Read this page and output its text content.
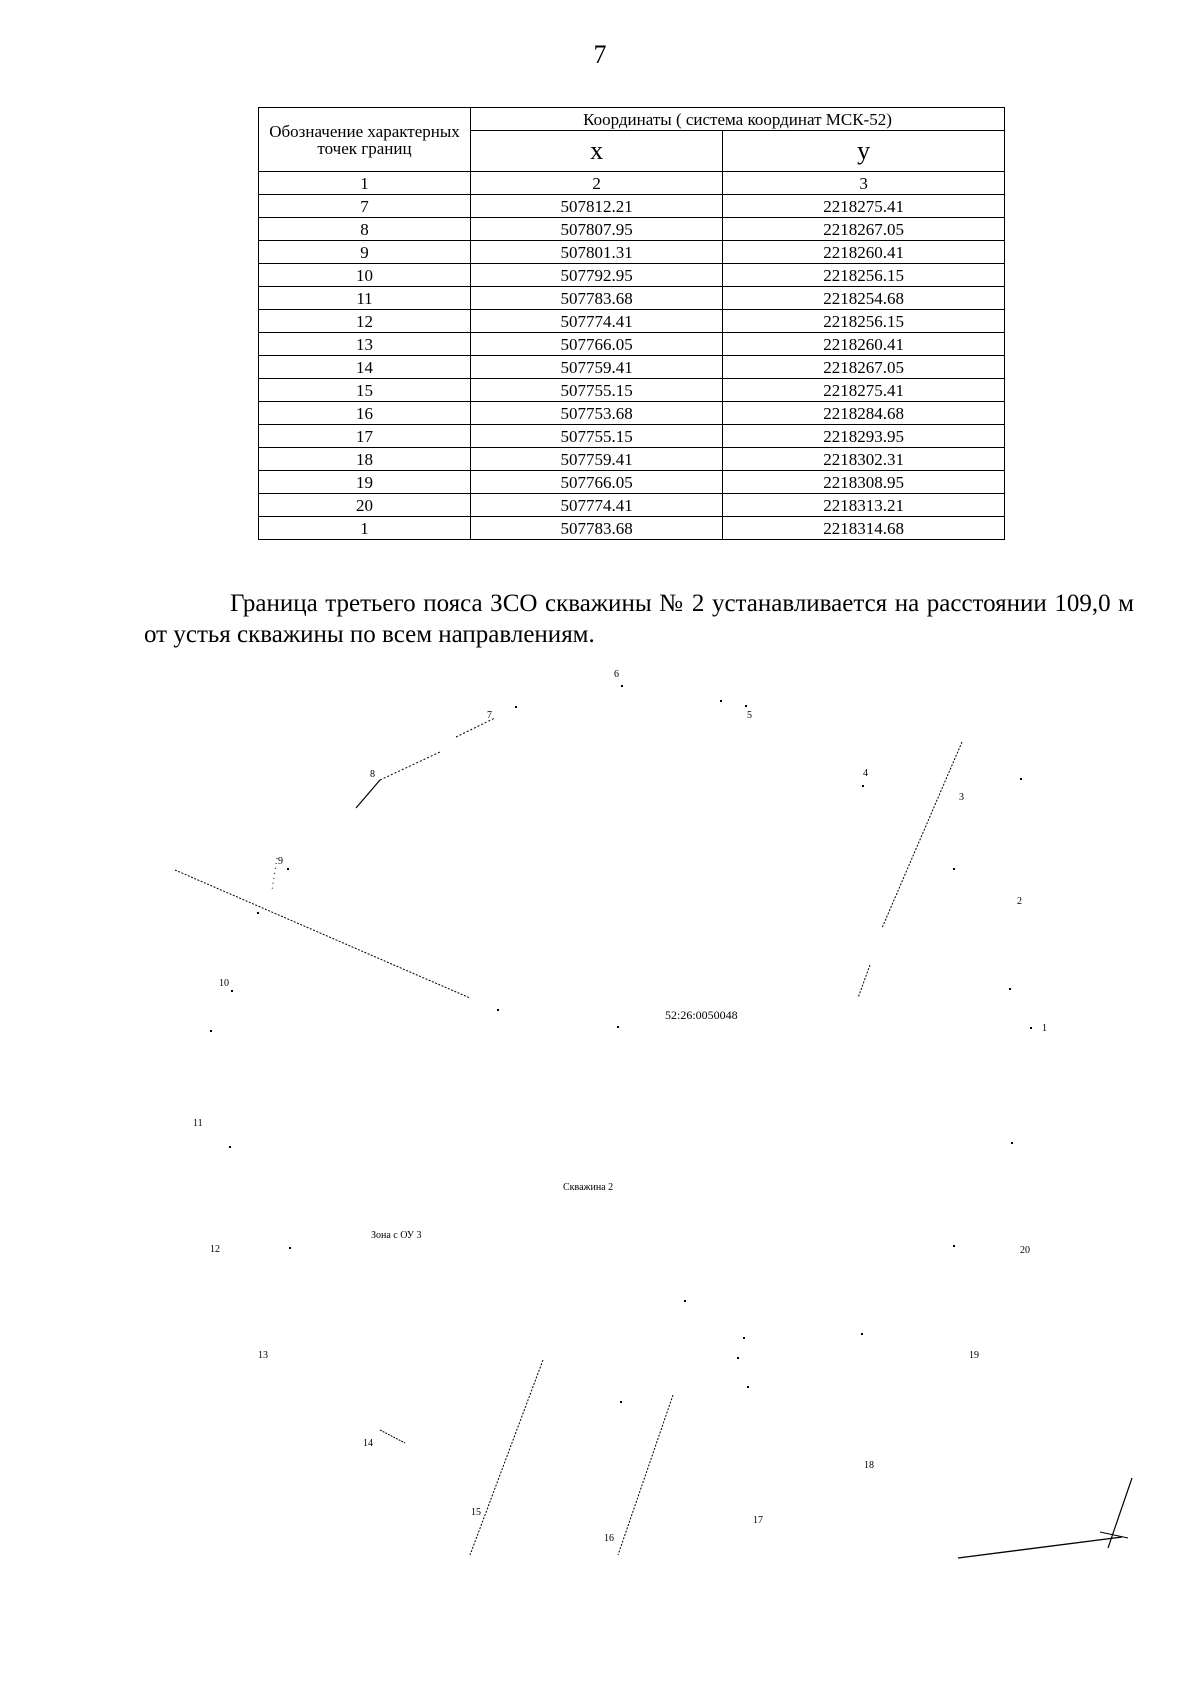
7
Обозначение характерных точек границ	Координаты ( система координат МСК-52)	
	x	у
1	2	3
7	507812.21	2218275.41
8	507807.95	2218267.05
9	507801.31	2218260.41
10	507792.95	2218256.15
11	507783.68	2218254.68
12	507774.41	2218256.15
13	507766.05	2218260.41
14	507759.41	2218267.05
15	507755.15	2218275.41
16	507753.68	2218284.68
17	507755.15	2218293.95
18	507759.41	2218302.31
19	507766.05	2218308.95
20	507774.41	2218313.21
1	507783.68	2218314.68

Граница третьего пояса ЗСО скважины № 2 устанавливается на расстоянии 109,0 м от устья скважины по всем направлениям.

1
2
3
4
5
6
7
8
9
10
11
12
13
14
15
16
17
18
19
20
52:26:0050048
Скважина 2
Зона с ОУ 3
